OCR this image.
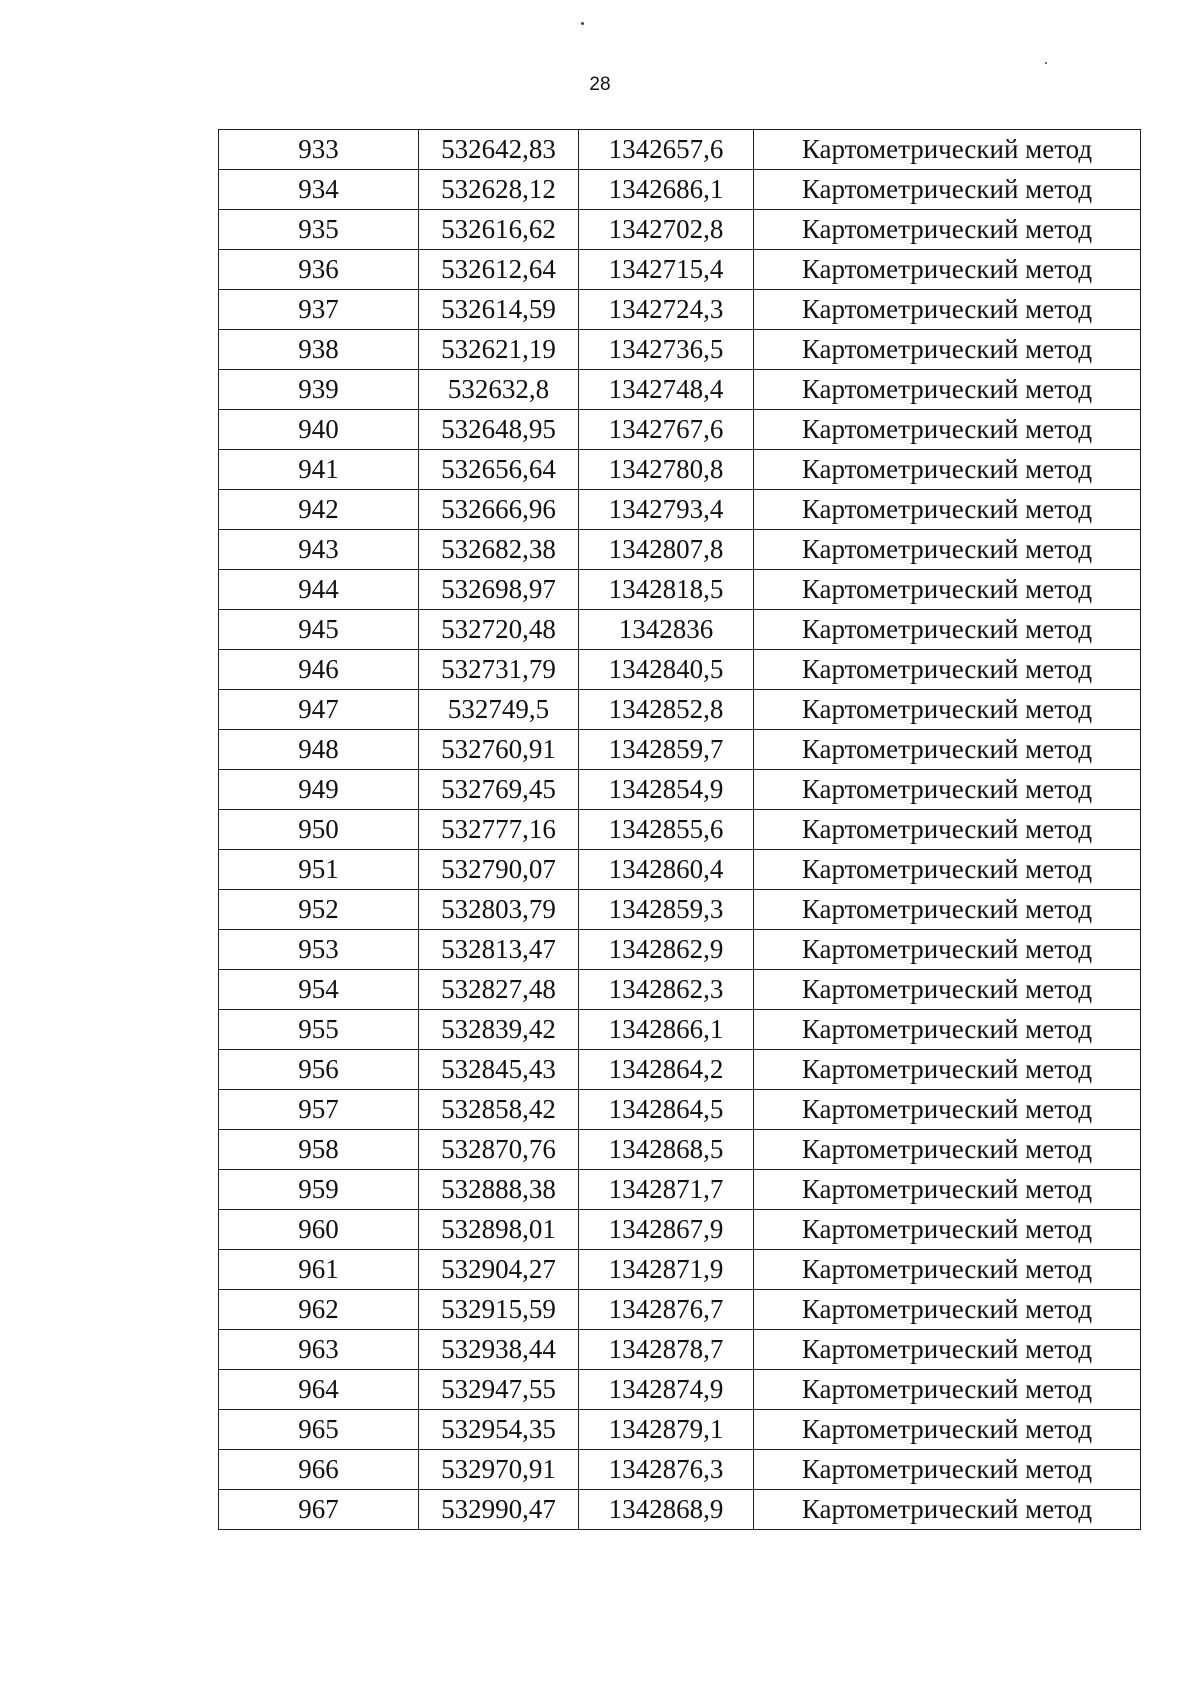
28
933	532642,83	1342657,6	Картометрический метод
934	532628,12	1342686,1	Картометрический метод
935	532616,62	1342702,8	Картометрический метод
936	532612,64	1342715,4	Картометрический метод
937	532614,59	1342724,3	Картометрический метод
938	532621,19	1342736,5	Картометрический метод
939	532632,8	1342748,4	Картометрический метод
940	532648,95	1342767,6	Картометрический метод
941	532656,64	1342780,8	Картометрический метод
942	532666,96	1342793,4	Картометрический метод
943	532682,38	1342807,8	Картометрический метод
944	532698,97	1342818,5	Картометрический метод
945	532720,48	1342836	Картометрический метод
946	532731,79	1342840,5	Картометрический метод
947	532749,5	1342852,8	Картометрический метод
948	532760,91	1342859,7	Картометрический метод
949	532769,45	1342854,9	Картометрический метод
950	532777,16	1342855,6	Картометрический метод
951	532790,07	1342860,4	Картометрический метод
952	532803,79	1342859,3	Картометрический метод
953	532813,47	1342862,9	Картометрический метод
954	532827,48	1342862,3	Картометрический метод
955	532839,42	1342866,1	Картометрический метод
956	532845,43	1342864,2	Картометрический метод
957	532858,42	1342864,5	Картометрический метод
958	532870,76	1342868,5	Картометрический метод
959	532888,38	1342871,7	Картометрический метод
960	532898,01	1342867,9	Картометрический метод
961	532904,27	1342871,9	Картометрический метод
962	532915,59	1342876,7	Картометрический метод
963	532938,44	1342878,7	Картометрический метод
964	532947,55	1342874,9	Картометрический метод
965	532954,35	1342879,1	Картометрический метод
966	532970,91	1342876,3	Картометрический метод
967	532990,47	1342868,9	Картометрический метод
